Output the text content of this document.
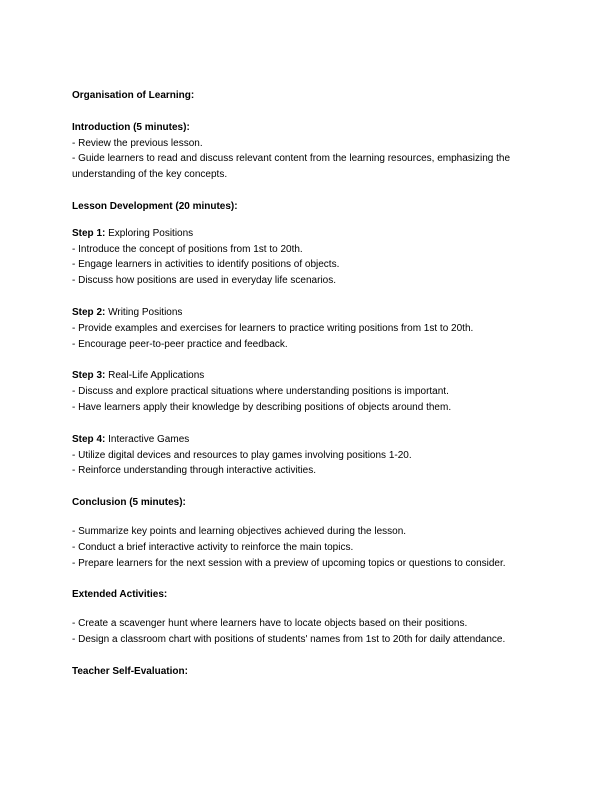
Organisation of Learning:
Introduction (5 minutes):
- Review the previous lesson.
- Guide learners to read and discuss relevant content from the learning resources, emphasizing the understanding of the key concepts.
Lesson Development (20 minutes):
Step 1: Exploring Positions
- Introduce the concept of positions from 1st to 20th.
- Engage learners in activities to identify positions of objects.
- Discuss how positions are used in everyday life scenarios.
Step 2: Writing Positions
- Provide examples and exercises for learners to practice writing positions from 1st to 20th.
- Encourage peer-to-peer practice and feedback.
Step 3: Real-Life Applications
- Discuss and explore practical situations where understanding positions is important.
- Have learners apply their knowledge by describing positions of objects around them.
Step 4: Interactive Games
- Utilize digital devices and resources to play games involving positions 1-20.
- Reinforce understanding through interactive activities.
Conclusion (5 minutes):
- Summarize key points and learning objectives achieved during the lesson.
- Conduct a brief interactive activity to reinforce the main topics.
- Prepare learners for the next session with a preview of upcoming topics or questions to consider.
Extended Activities:
- Create a scavenger hunt where learners have to locate objects based on their positions.
- Design a classroom chart with positions of students' names from 1st to 20th for daily attendance.
Teacher Self-Evaluation:
